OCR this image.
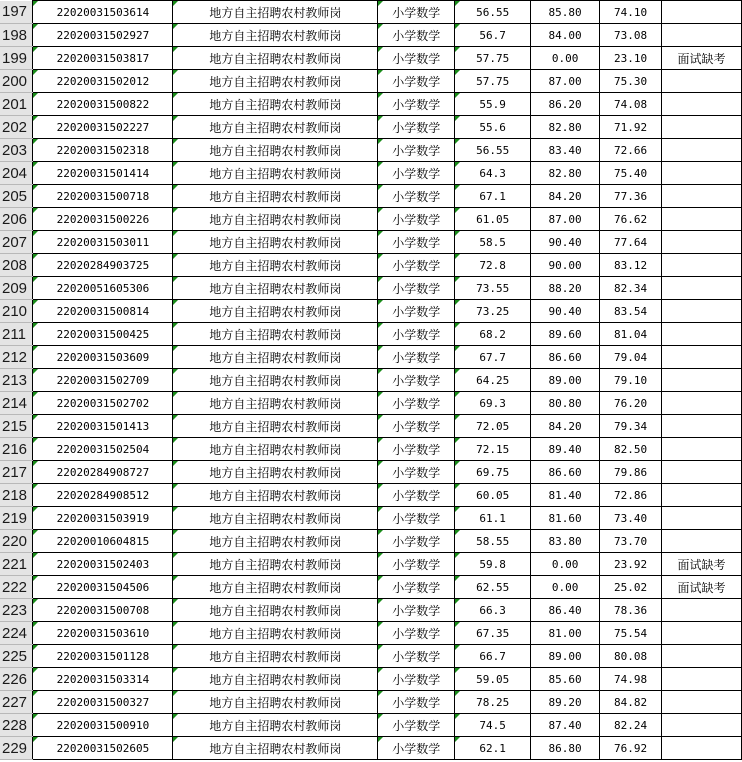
197	22020031503614	地方自主招聘农村教师岗	小学数学	56.55	85.80	74.10	
198	22020031502927	地方自主招聘农村教师岗	小学数学	56.7	84.00	73.08	
199	22020031503817	地方自主招聘农村教师岗	小学数学	57.75	0.00	23.10	面试缺考
200	22020031502012	地方自主招聘农村教师岗	小学数学	57.75	87.00	75.30	
201	22020031500822	地方自主招聘农村教师岗	小学数学	55.9	86.20	74.08	
202	22020031502227	地方自主招聘农村教师岗	小学数学	55.6	82.80	71.92	
203	22020031502318	地方自主招聘农村教师岗	小学数学	56.55	83.40	72.66	
204	22020031501414	地方自主招聘农村教师岗	小学数学	64.3	82.80	75.40	
205	22020031500718	地方自主招聘农村教师岗	小学数学	67.1	84.20	77.36	
206	22020031500226	地方自主招聘农村教师岗	小学数学	61.05	87.00	76.62	
207	22020031503011	地方自主招聘农村教师岗	小学数学	58.5	90.40	77.64	
208	22020284903725	地方自主招聘农村教师岗	小学数学	72.8	90.00	83.12	
209	22020051605306	地方自主招聘农村教师岗	小学数学	73.55	88.20	82.34	
210	22020031500814	地方自主招聘农村教师岗	小学数学	73.25	90.40	83.54	
211	22020031500425	地方自主招聘农村教师岗	小学数学	68.2	89.60	81.04	
212	22020031503609	地方自主招聘农村教师岗	小学数学	67.7	86.60	79.04	
213	22020031502709	地方自主招聘农村教师岗	小学数学	64.25	89.00	79.10	
214	22020031502702	地方自主招聘农村教师岗	小学数学	69.3	80.80	76.20	
215	22020031501413	地方自主招聘农村教师岗	小学数学	72.05	84.20	79.34	
216	22020031502504	地方自主招聘农村教师岗	小学数学	72.15	89.40	82.50	
217	22020284908727	地方自主招聘农村教师岗	小学数学	69.75	86.60	79.86	
218	22020284908512	地方自主招聘农村教师岗	小学数学	60.05	81.40	72.86	
219	22020031503919	地方自主招聘农村教师岗	小学数学	61.1	81.60	73.40	
220	22020010604815	地方自主招聘农村教师岗	小学数学	58.55	83.80	73.70	
221	22020031502403	地方自主招聘农村教师岗	小学数学	59.8	0.00	23.92	面试缺考
222	22020031504506	地方自主招聘农村教师岗	小学数学	62.55	0.00	25.02	面试缺考
223	22020031500708	地方自主招聘农村教师岗	小学数学	66.3	86.40	78.36	
224	22020031503610	地方自主招聘农村教师岗	小学数学	67.35	81.00	75.54	
225	22020031501128	地方自主招聘农村教师岗	小学数学	66.7	89.00	80.08	
226	22020031503314	地方自主招聘农村教师岗	小学数学	59.05	85.60	74.98	
227	22020031500327	地方自主招聘农村教师岗	小学数学	78.25	89.20	84.82	
228	22020031500910	地方自主招聘农村教师岗	小学数学	74.5	87.40	82.24	
229	22020031502605	地方自主招聘农村教师岗	小学数学	62.1	86.80	76.92	
